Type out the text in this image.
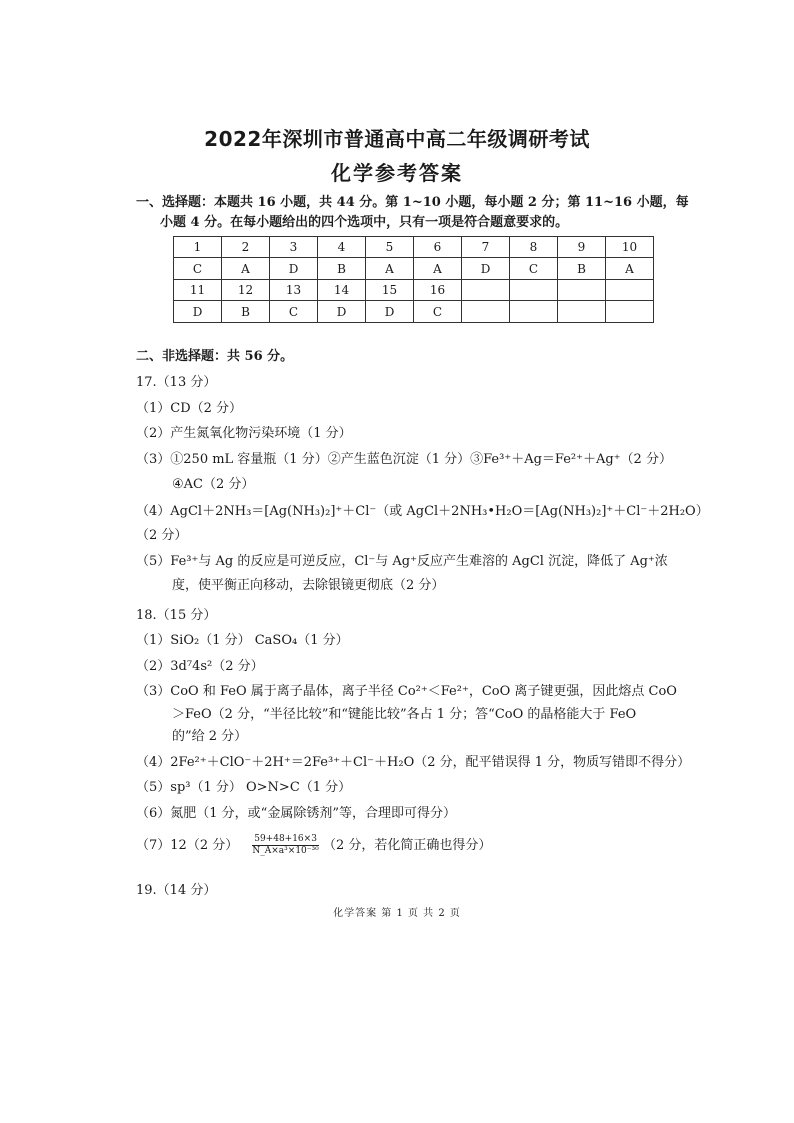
2022年深圳市普通高中高二年级调研考试
化学参考答案
一、选择题：本题共 16 小题，共 44 分。第 1~10 小题，每小题 2 分；第 11~16 小题，每
小题 4 分。在每小题给出的四个选项中，只有一项是符合题意要求的。
1	2	3	4	5	6	7	8	9	10
C	A	D	B	A	A	D	C	B	A
11	12	13	14	15	16				
D	B	C	D	D	C				
二、非选择题：共 56 分。
17.（13 分）
（1）CD（2 分）
（2）产生氮氧化物污染环境（1 分）
（3）①250 mL 容量瓶（1 分）②产生蓝色沉淀（1 分）③Fe³⁺＋Ag＝Fe²⁺＋Ag⁺（2 分）
④AC（2 分）
（4）AgCl＋2NH₃＝[Ag(NH₃)₂]⁺＋Cl⁻（或 AgCl＋2NH₃•H₂O＝[Ag(NH₃)₂]⁺＋Cl⁻＋2H₂O）
（2 分）
（5）Fe³⁺与 Ag 的反应是可逆反应，Cl⁻与 Ag⁺反应产生难溶的 AgCl 沉淀，降低了 Ag⁺浓
度，使平衡正向移动，去除银镜更彻底（2 分）
18.（15 分）
（1）SiO₂（1 分） CaSO₄（1 分）
（2）3d⁷4s²（2 分）
（3）CoO 和 FeO 属于离子晶体，离子半径 Co²⁺＜Fe²⁺，CoO 离子键更强，因此熔点 CoO
＞FeO（2 分，“半径比较”和“键能比较”各占 1 分；答“CoO 的晶格能大于 FeO
的”给 2 分）
（4）2Fe²⁺＋ClO⁻＋2H⁺＝2Fe³⁺＋Cl⁻＋H₂O（2 分，配平错误得 1 分，物质写错即不得分）
（5）sp³（1 分） O>N>C（1 分）
（6）氮肥（1 分，或“金属除锈剂”等，合理即可得分）
（7）12（2 分） $\frac{59+48+16\times 3}{\text{N\_A×a³×10⁻³⁰}} (2$ 分，若化简正确也得分）
19.（14 分）
化学答案 第 1 页 共 2 页
